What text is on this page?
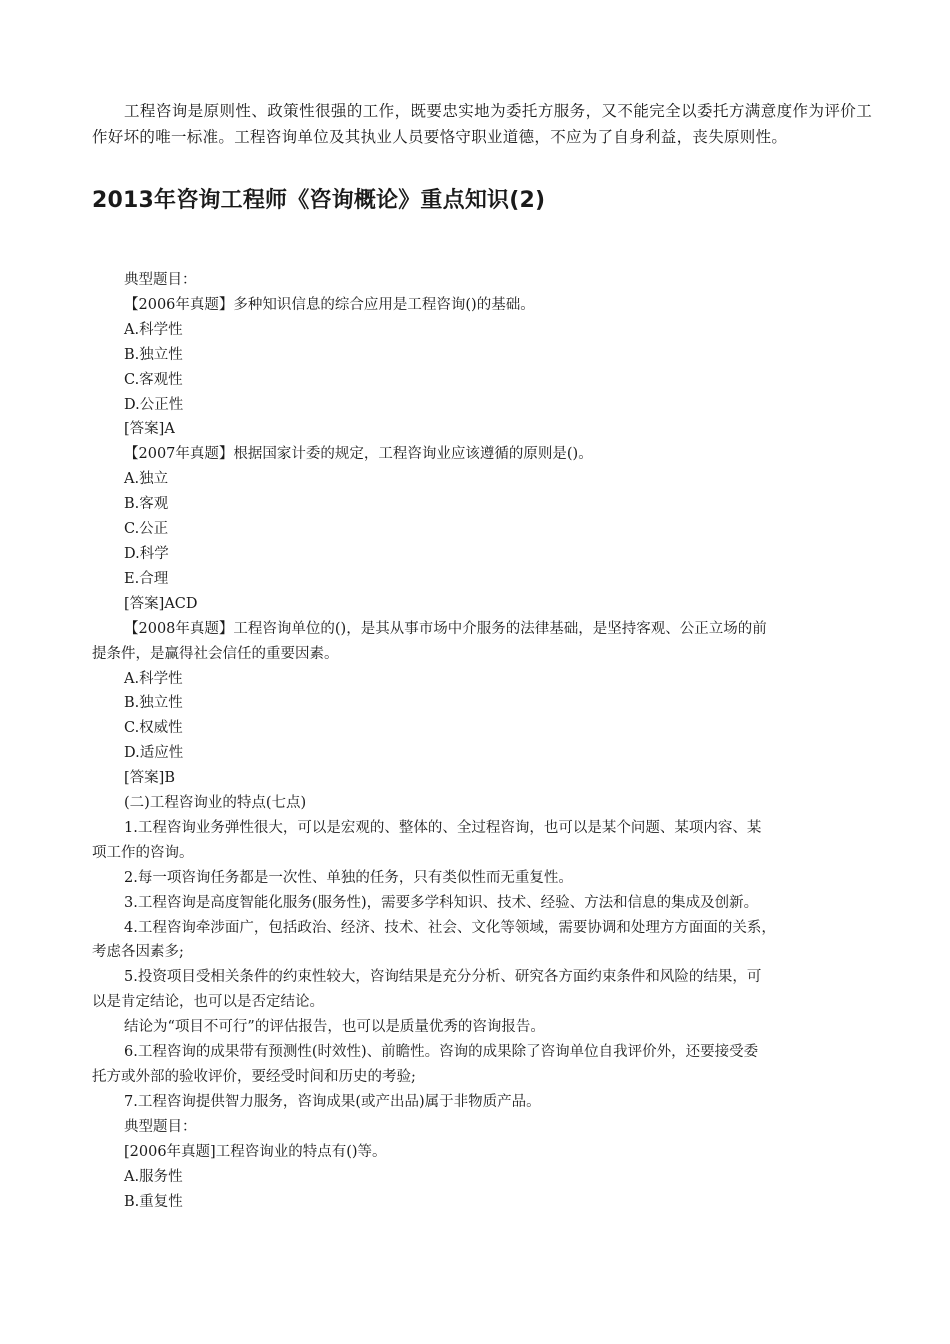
工程咨询是原则性、政策性很强的工作，既要忠实地为委托方服务，又不能完全以委托方满意度作为评价工作好坏的唯一标准。工程咨询单位及其执业人员要恪守职业道德，不应为了自身利益，丧失原则性。

2013年咨询工程师《咨询概论》重点知识(2)

典型题目：

【2006年真题】多种知识信息的综合应用是工程咨询()的基础。

A.科学性

B.独立性

C.客观性

D.公正性

[答案]A

【2007年真题】根据国家计委的规定，工程咨询业应该遵循的原则是()。

A.独立

B.客观

C.公正

D.科学

E.合理

[答案]ACD

【2008年真题】工程咨询单位的()，是其从事市场中介服务的法律基础，是坚持客观、公正立场的前

提条件，是赢得社会信任的重要因素。

A.科学性

B.独立性

C.权威性

D.适应性

[答案]B

(二)工程咨询业的特点(七点)

1.工程咨询业务弹性很大，可以是宏观的、整体的、全过程咨询，也可以是某个问题、某项内容、某

项工作的咨询。

2.每一项咨询任务都是一次性、单独的任务，只有类似性而无重复性。

3.工程咨询是高度智能化服务(服务性)，需要多学科知识、技术、经验、方法和信息的集成及创新。

4.工程咨询牵涉面广，包括政治、经济、技术、社会、文化等领域，需要协调和处理方方面面的关系，

考虑各因素多;

5.投资项目受相关条件的约束性较大，咨询结果是充分分析、研究各方面约束条件和风险的结果，可

以是肯定结论，也可以是否定结论。

结论为“项目不可行”的评估报告，也可以是质量优秀的咨询报告。

6.工程咨询的成果带有预测性(时效性)、前瞻性。咨询的成果除了咨询单位自我评价外，还要接受委

托方或外部的验收评价，要经受时间和历史的考验;

7.工程咨询提供智力服务，咨询成果(或产出品)属于非物质产品。

典型题目：

[2006年真题]工程咨询业的特点有()等。

A.服务性

B.重复性
